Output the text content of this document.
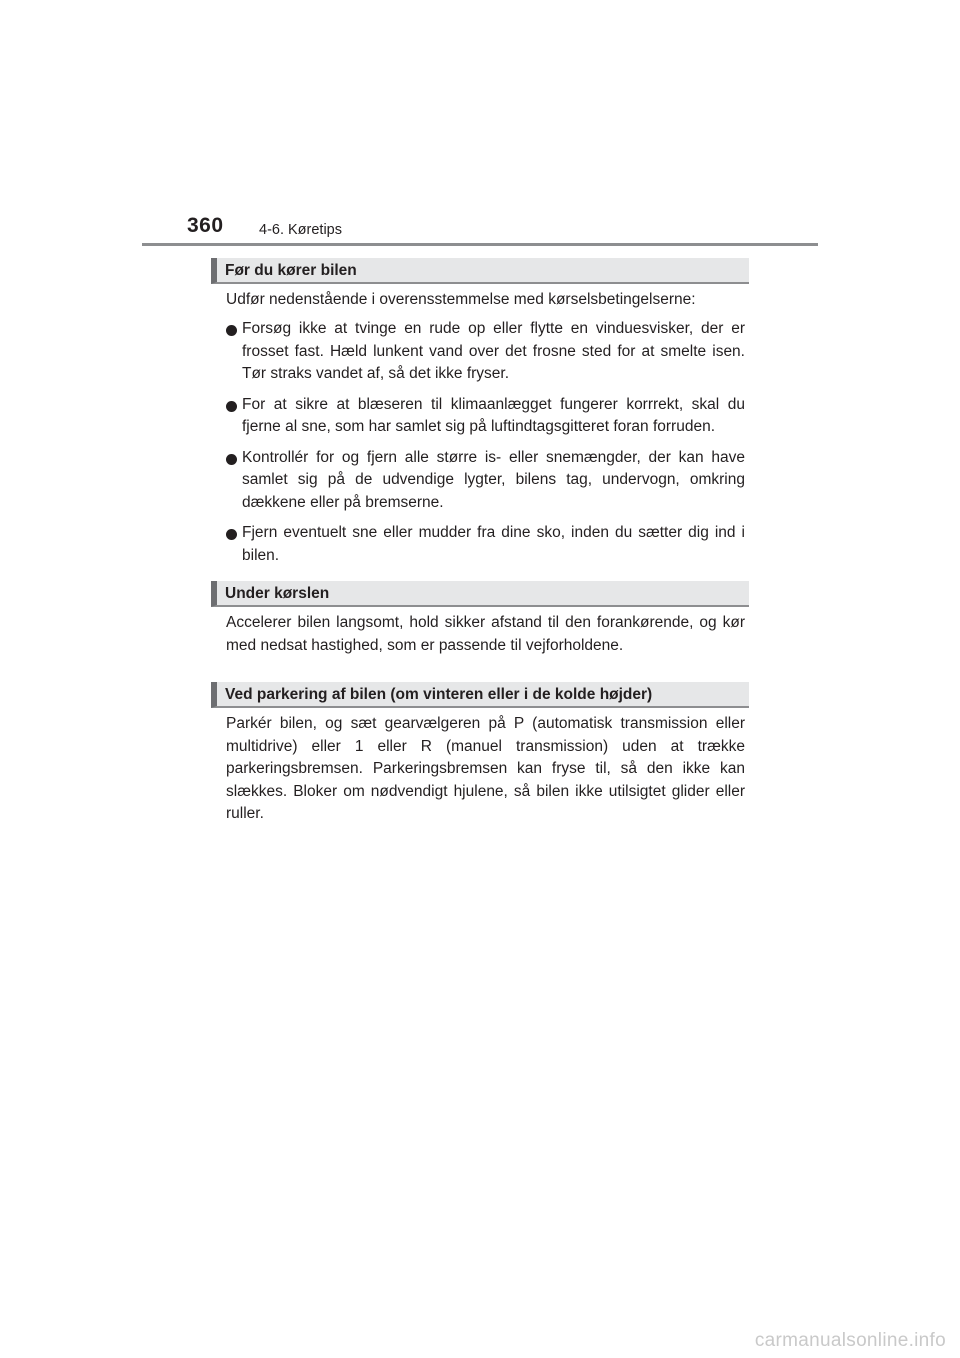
360 4-6. Køretips
Før du kører bilen

Udfør nedenstående i overensstemmelse med kørselsbetingelserne:

Forsøg ikke at tvinge en rude op eller flytte en vinduesvisker, der er frosset fast. Hæld lunkent vand over det frosne sted for at smelte isen. Tør straks vandet af, så det ikke fryser.
For at sikre at blæseren til klimaanlægget fungerer korrrekt, skal du fjerne al sne, som har samlet sig på luftindtagsgitteret foran forruden.
Kontrollér for og fjern alle større is- eller snemængder, der kan have samlet sig på de udvendige lygter, bilens tag, undervogn, omkring dækkene eller på bremserne.
Fjern eventuelt sne eller mudder fra dine sko, inden du sætter dig ind i bilen.
Under kørslen

Accelerer bilen langsomt, hold sikker afstand til den forankørende, og kør med nedsat hastighed, som er passende til vejforholdene.

Ved parkering af bilen (om vinteren eller i de kolde højder)

Parkér bilen, og sæt gearvælgeren på P (automatisk transmission eller multidrive) eller 1 eller R (manuel transmission) uden at trække parkeringsbremsen. Parkeringsbremsen kan fryse til, så den ikke kan slækkes. Bloker om nødvendigt hjulene, så bilen ikke utilsigtet glider eller ruller.

carmanualsonline.info
